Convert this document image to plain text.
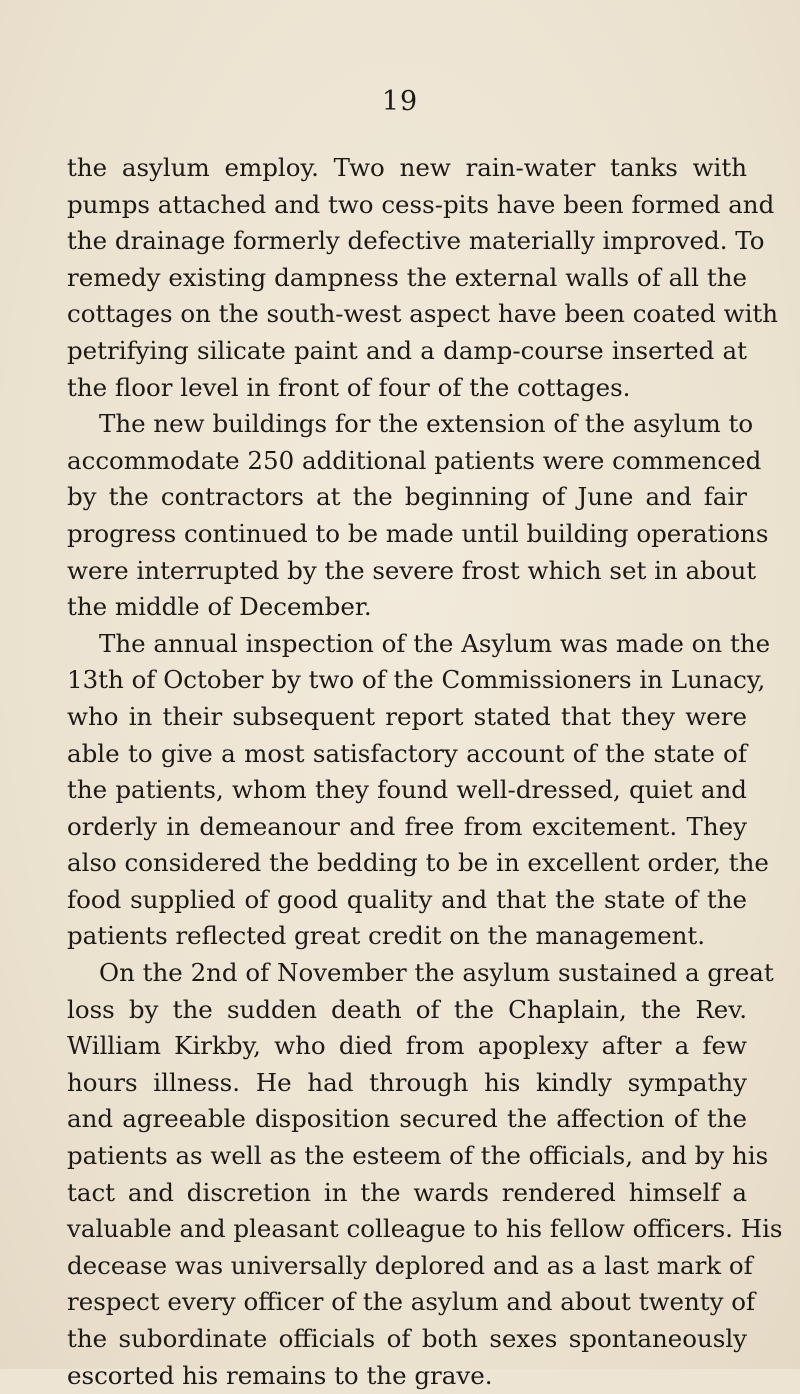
19
the asylum employ. Two new rain-water tanks with
pumps attached and two cess-pits have been formed and
the drainage formerly defective materially improved. To
remedy existing dampness the external walls of all the
cottages on the south-west aspect have been coated with
petrifying silicate paint and a damp-course inserted at
the floor level in front of four of the cottages.
The new buildings for the extension of the asylum to
accommodate 250 additional patients were commenced
by the contractors at the beginning of June and fair
progress continued to be made until building operations
were interrupted by the severe frost which set in about
the middle of December.
The annual inspection of the Asylum was made on the
13th of October by two of the Commissioners in Lunacy,
who in their subsequent report stated that they were
able to give a most satisfactory account of the state of
the patients, whom they found well-dressed, quiet and
orderly in demeanour and free from excitement. They
also considered the bedding to be in excellent order, the
food supplied of good quality and that the state of the
patients reflected great credit on the management.
On the 2nd of November the asylum sustained a great
loss by the sudden death of the Chaplain, the Rev.
William Kirkby, who died from apoplexy after a few
hours illness. He had through his kindly sympathy
and agreeable disposition secured the affection of the
patients as well as the esteem of the officials, and by his
tact and discretion in the wards rendered himself a
valuable and pleasant colleague to his fellow officers. His
decease was universally deplored and as a last mark of
respect every officer of the asylum and about twenty of
the subordinate officials of both sexes spontaneously
escorted his remains to the grave.
